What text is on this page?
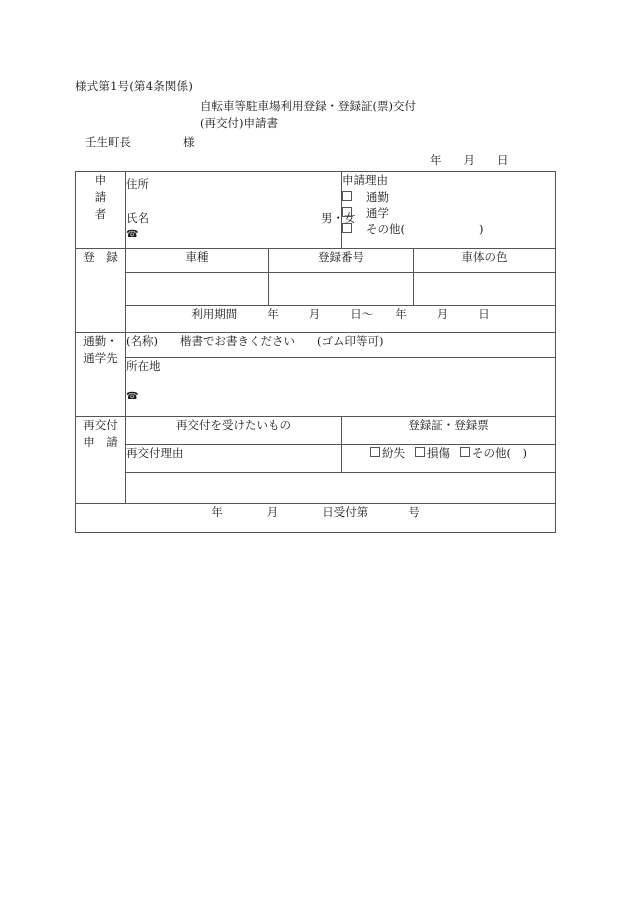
様式第1号(第4条関係)
自転車等駐車場利用登録・登録証(票)交付
(再交付)申請書
壬生町長	様
年 月 日
申
請
者

住所
氏名	男・女
☎	
申請理由
通勤
通学
その他(	)

登　録	車種	登録番号		車体の色

	利用期間 年 月 日～ 年 月 日			
通勤・ 通学先	(名称) 楷書でお書きください (ゴム印等可)			

	所在地
☎			
再交付 申　請	再交付を受けたいもの		登録証・登録票	
	再交付理由		紛失 損傷 その他(　)	

年 月 日受付第 号				
